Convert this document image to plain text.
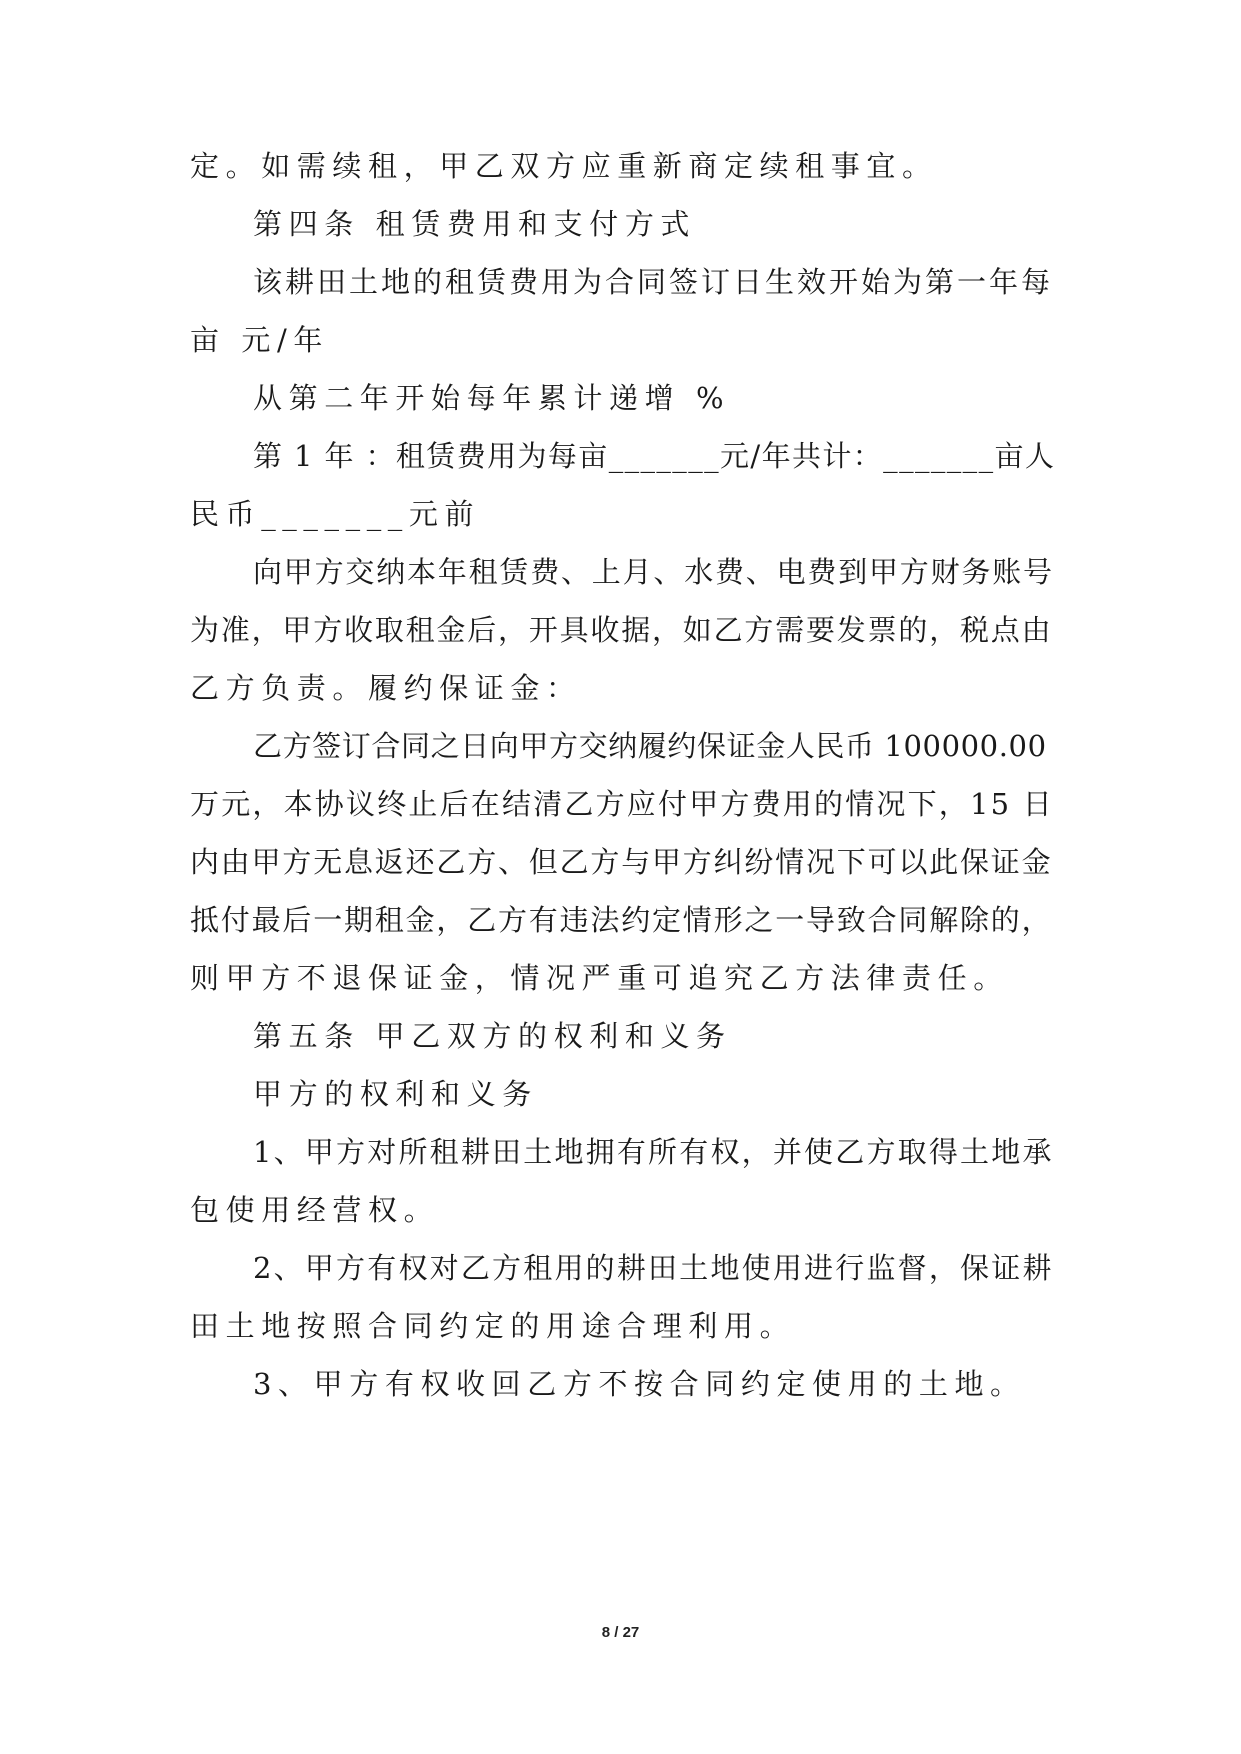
定。如需续租，甲乙双方应重新商定续租事宜。
第四条 租赁费用和支付方式
该耕田土地的租赁费用为合同签订日生效开始为第一年每
亩 元/年
从第二年开始每年累计递增 %
第 1 年 ：租赁费用为每亩_______元/年共计：_______亩人
民币_______元前
向甲方交纳本年租赁费、上月、水费、电费到甲方财务账号
为准，甲方收取租金后，开具收据，如乙方需要发票的，税点由
乙方负责。履约保证金：
乙方签订合同之日向甲方交纳履约保证金人民币 100000.00
万元，本协议终止后在结清乙方应付甲方费用的情况下，15 日
内由甲方无息返还乙方、但乙方与甲方纠纷情况下可以此保证金
抵付最后一期租金，乙方有违法约定情形之一导致合同解除的，
则甲方不退保证金，情况严重可追究乙方法律责任。
第五条 甲乙双方的权利和义务
甲方的权利和义务
1、甲方对所租耕田土地拥有所有权，并使乙方取得土地承
包使用经营权。
2、甲方有权对乙方租用的耕田土地使用进行监督，保证耕
田土地按照合同约定的用途合理利用。
3、甲方有权收回乙方不按合同约定使用的土地。
8 / 27
